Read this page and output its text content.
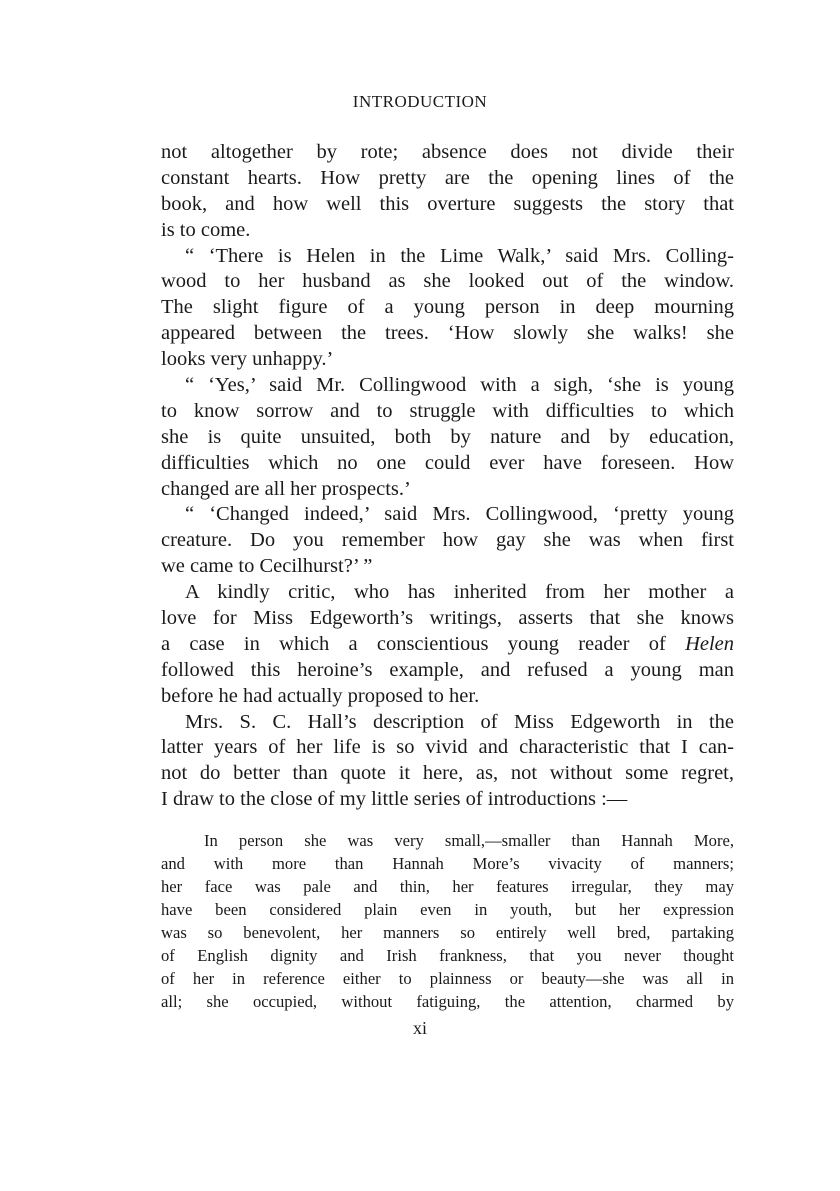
INTRODUCTION
not altogether by rote; absence does not divide their
constant hearts. How pretty are the opening lines of the
book, and how well this overture suggests the story that
is to come.
“ ‘There is Helen in the Lime Walk,’ said Mrs. Colling-
wood to her husband as she looked out of the window.
The slight figure of a young person in deep mourning
appeared between the trees. ‘How slowly she walks! she
looks very unhappy.’
“ ‘Yes,’ said Mr. Collingwood with a sigh, ‘she is young
to know sorrow and to struggle with difficulties to which
she is quite unsuited, both by nature and by education,
difficulties which no one could ever have foreseen. How
changed are all her prospects.’
“ ‘Changed indeed,’ said Mrs. Collingwood, ‘pretty young
creature. Do you remember how gay she was when first
we came to Cecilhurst?’ ”
A kindly critic, who has inherited from her mother a
love for Miss Edgeworth’s writings, asserts that she knows
a case in which a conscientious young reader of Helen
followed this heroine’s example, and refused a young man
before he had actually proposed to her.
Mrs. S. C. Hall’s description of Miss Edgeworth in the
latter years of her life is so vivid and characteristic that I can-
not do better than quote it here, as, not without some regret,
I draw to the close of my little series of introductions :—
In person she was very small,—smaller than Hannah More,
and with more than Hannah More’s vivacity of manners;
her face was pale and thin, her features irregular, they may
have been considered plain even in youth, but her expression
was so benevolent, her manners so entirely well bred, partaking
of English dignity and Irish frankness, that you never thought
of her in reference either to plainness or beauty—she was all in
all; she occupied, without fatiguing, the attention, charmed by
xi
